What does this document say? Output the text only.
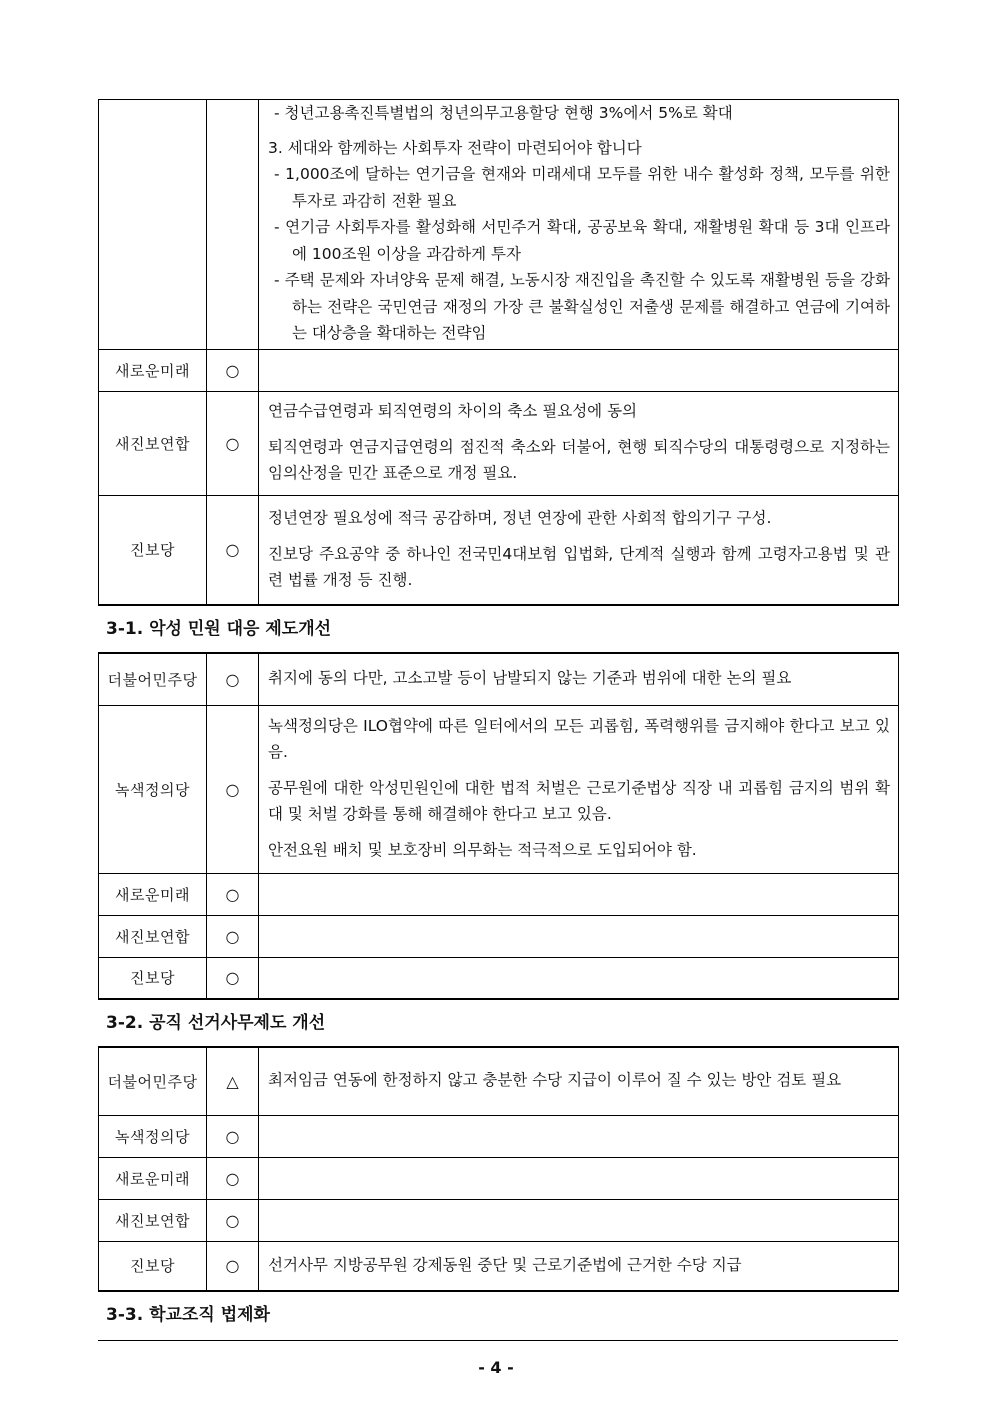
		- 청년고용촉진특별법의 청년의무고용할당 현행 3%에서 5%로 확대

3. 세대와 함께하는 사회투자 전략이 마련되어야 합니다

- 1,000조에 달하는 연기금을 현재와 미래세대 모두를 위한 내수 활성화 정책, 모두를 위한 투자로 과감히 전환 필요

- 연기금 사회투자를 활성화해 서민주거 확대, 공공보육 확대, 재활병원 확대 등 3대 인프라에 100조원 이상을 과감하게 투자

- 주택 문제와 자녀양육 문제 해결, 노동시장 재진입을 촉진할 수 있도록 재활병원 등을 강화하는 전략은 국민연금 재정의 가장 큰 불확실성인 저출생 문제를 해결하고 연금에 기여하는 대상층을 확대하는 전략임

새로운미래	○	
새진보연합	○	연금수급연령과 퇴직연령의 차이의 축소 필요성에 동의

퇴직연령과 연금지급연령의 점진적 축소와 더불어, 현행 퇴직수당의 대통령령으로 지정하는 임의산정을 민간 표준으로 개정 필요.

진보당	○	정년연장 필요성에 적극 공감하며, 정년 연장에 관한 사회적 합의기구 구성.

진보당 주요공약 중 하나인 전국민4대보험 입법화, 단계적 실행과 함께 고령자고용법 및 관련 법률 개정 등 진행.

3-1. 악성 민원 대응 제도개선
더불어민주당	○	취지에 동의 다만, 고소고발 등이 남발되지 않는 기준과 범위에 대한 논의 필요

녹색정의당	○	녹색정의당은 ILO협약에 따른 일터에서의 모든 괴롭힘, 폭력행위를 금지해야 한다고 보고 있음.

공무원에 대한 악성민원인에 대한 법적 처벌은 근로기준법상 직장 내 괴롭힘 금지의 범위 확대 및 처벌 강화를 통해 해결해야 한다고 보고 있음.

안전요원 배치 및 보호장비 의무화는 적극적으로 도입되어야 함.

새로운미래	○	
새진보연합	○	
진보당	○	
3-2. 공직 선거사무제도 개선
더불어민주당	△	최저임금 연동에 한정하지 않고 충분한 수당 지급이 이루어 질 수 있는 방안 검토 필요

녹색정의당	○	
새로운미래	○	
새진보연합	○	
진보당	○	선거사무 지방공무원 강제동원 중단 및 근로기준법에 근거한 수당 지급

3-3. 학교조직 법제화
- 4 -
